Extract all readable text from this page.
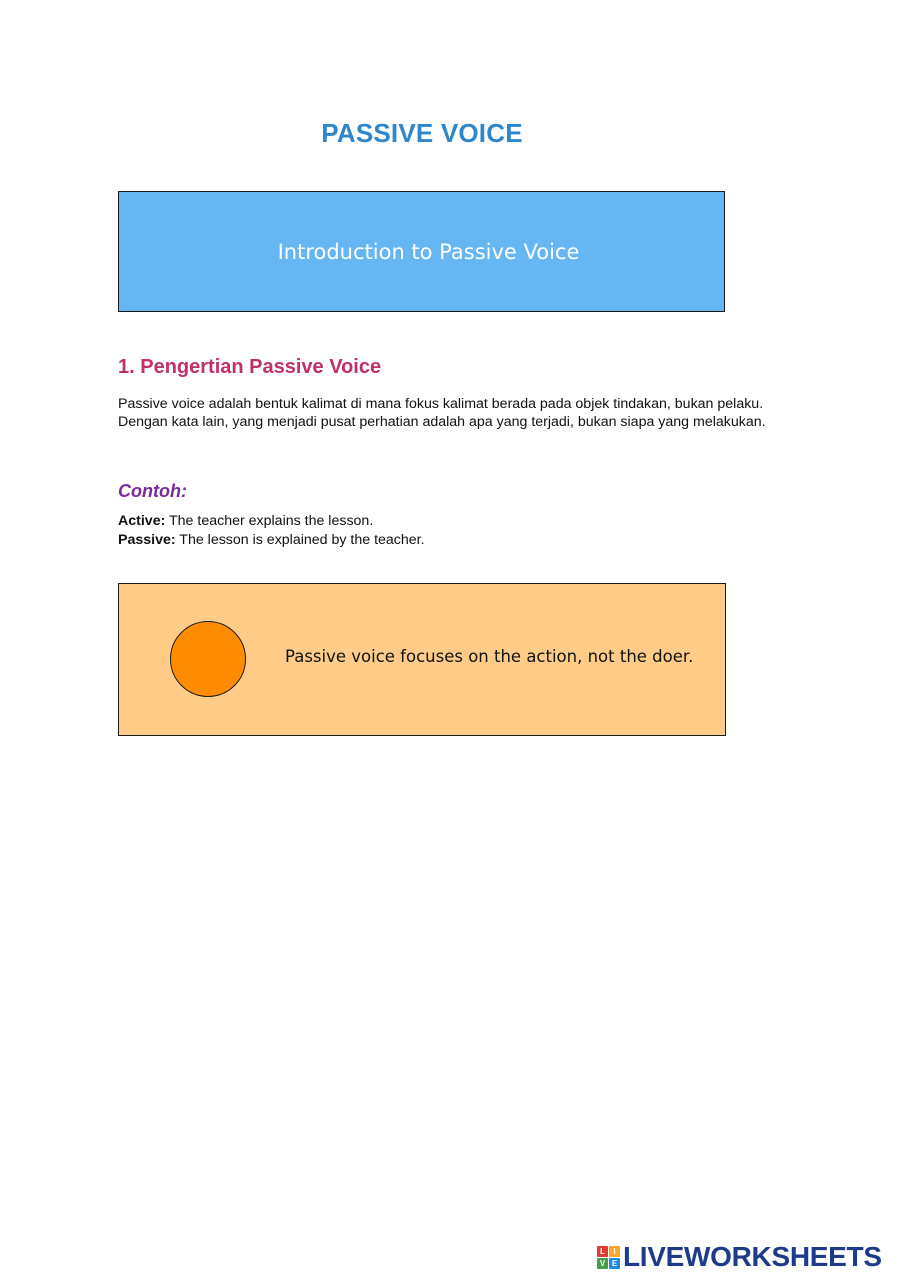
PASSIVE VOICE
Introduction to Passive Voice
1. Pengertian Passive Voice

Passive voice adalah bentuk kalimat di mana fokus kalimat berada pada objek tindakan, bukan pelaku. Dengan kata lain, yang menjadi pusat perhatian adalah apa yang terjadi, bukan siapa yang melakukan.

Contoh:

Active: The teacher explains the lesson.

Passive: The lesson is explained by the teacher.

Passive voice focuses on the action, not the doer.
L	I
V E LIVEWORKSHEETS
